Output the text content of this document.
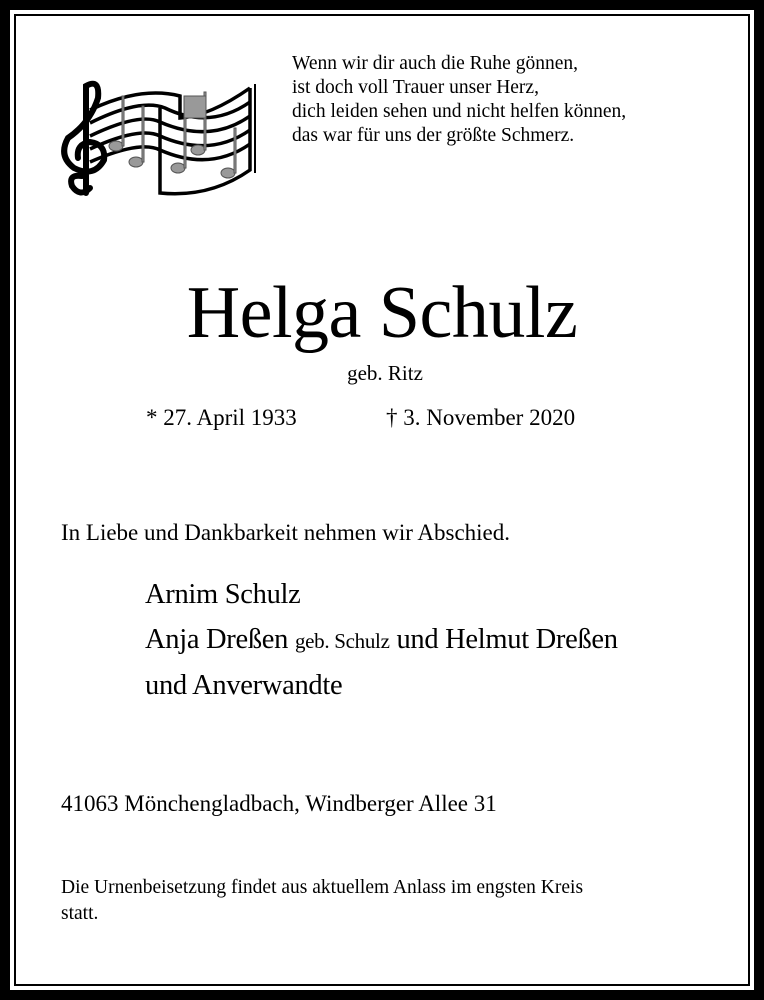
Wenn wir dir auch die Ruhe gönnen,
ist doch voll Trauer unser Herz,
dich leiden sehen und nicht helfen können,
das war für uns der größte Schmerz.
Helga Schulz
geb. Ritz
* 27. April 1933	† 3. November 2020
In Liebe und Dankbarkeit nehmen wir Abschied.
Arnim Schulz
Anja Dreßen geb. Schulz und Helmut Dreßen
und Anverwandte
41063 Mönchengladbach, Windberger Allee 31
Die Urnenbeisetzung findet aus aktuellem Anlass im engsten Kreis
statt.
